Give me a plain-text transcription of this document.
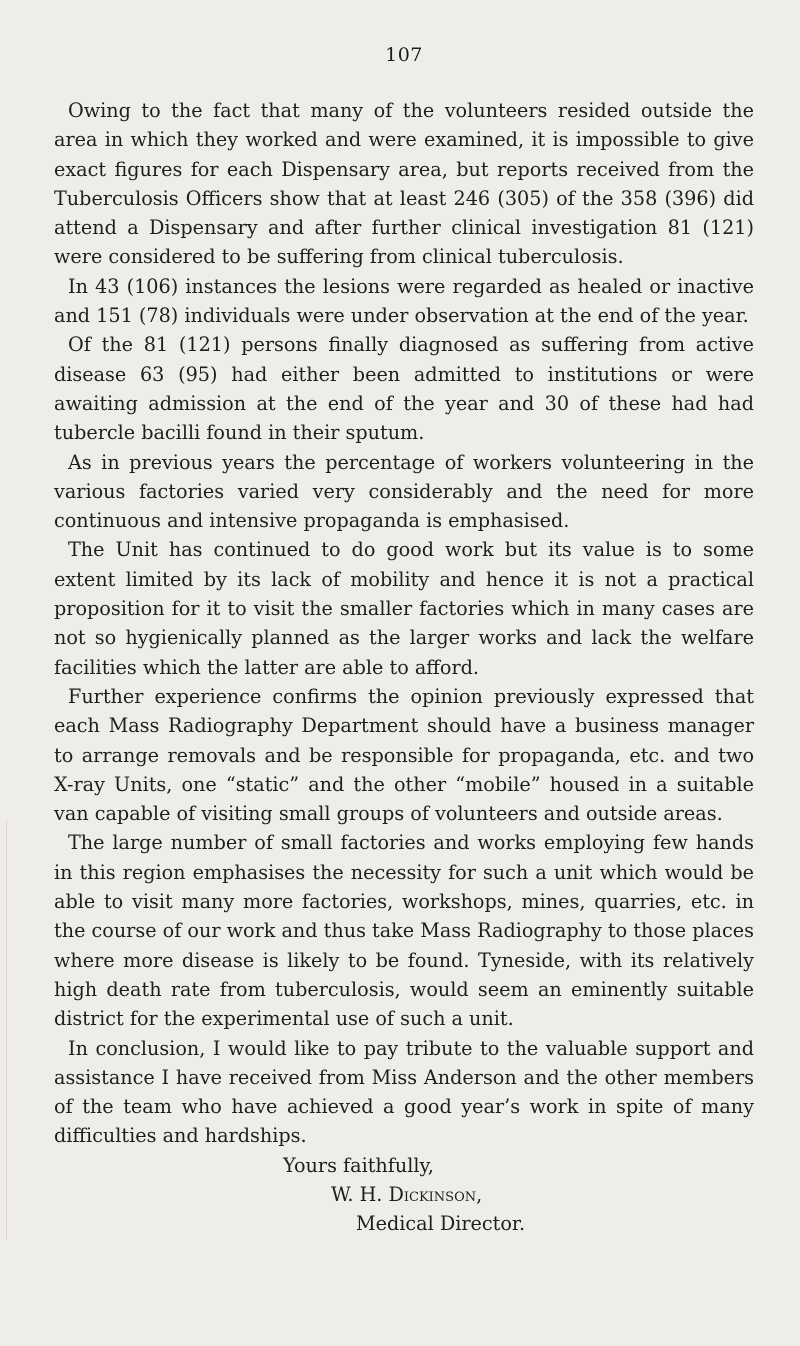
107

Owing to the fact that many of the volunteers resided outside the area in which they worked and were examined, it is impossible to give exact figures for each Dispensary area, but reports received from the Tuberculosis Officers show that at least 246 (305) of the 358 (396) did attend a Dispensary and after further clinical investigation 81 (121) were considered to be suffering from clinical tuberculosis.

In 43 (106) instances the lesions were regarded as healed or inactive and 151 (78) individuals were under observation at the end of the year.

Of the 81 (121) persons finally diagnosed as suffering from active disease 63 (95) had either been admitted to institutions or were awaiting admission at the end of the year and 30 of these had had tubercle bacilli found in their sputum.

As in previous years the percentage of workers volunteering in the various factories varied very considerably and the need for more continuous and intensive propaganda is emphasised.

The Unit has continued to do good work but its value is to some extent limited by its lack of mobility and hence it is not a practical proposition for it to visit the smaller factories which in many cases are not so hygienically planned as the larger works and lack the welfare facilities which the latter are able to afford.

Further experience confirms the opinion previously expressed that each Mass Radiography Department should have a business manager to arrange removals and be responsible for propaganda, etc. and two X-ray Units, one “static” and the other “mobile” housed in a suitable van capable of visiting small groups of volunteers and outside areas.

The large number of small factories and works employing few hands in this region emphasises the necessity for such a unit which would be able to visit many more factories, workshops, mines, quarries, etc. in the course of our work and thus take Mass Radiography to those places where more disease is likely to be found. Tyneside, with its relatively high death rate from tuberculosis, would seem an eminently suitable district for the experimental use of such a unit.

In conclusion, I would like to pay tribute to the valuable support and assistance I have received from Miss Anderson and the other members of the team who have achieved a good year’s work in spite of many difficulties and hardships.

Yours faithfully,
W. H. Dickinson,
Medical Director.
